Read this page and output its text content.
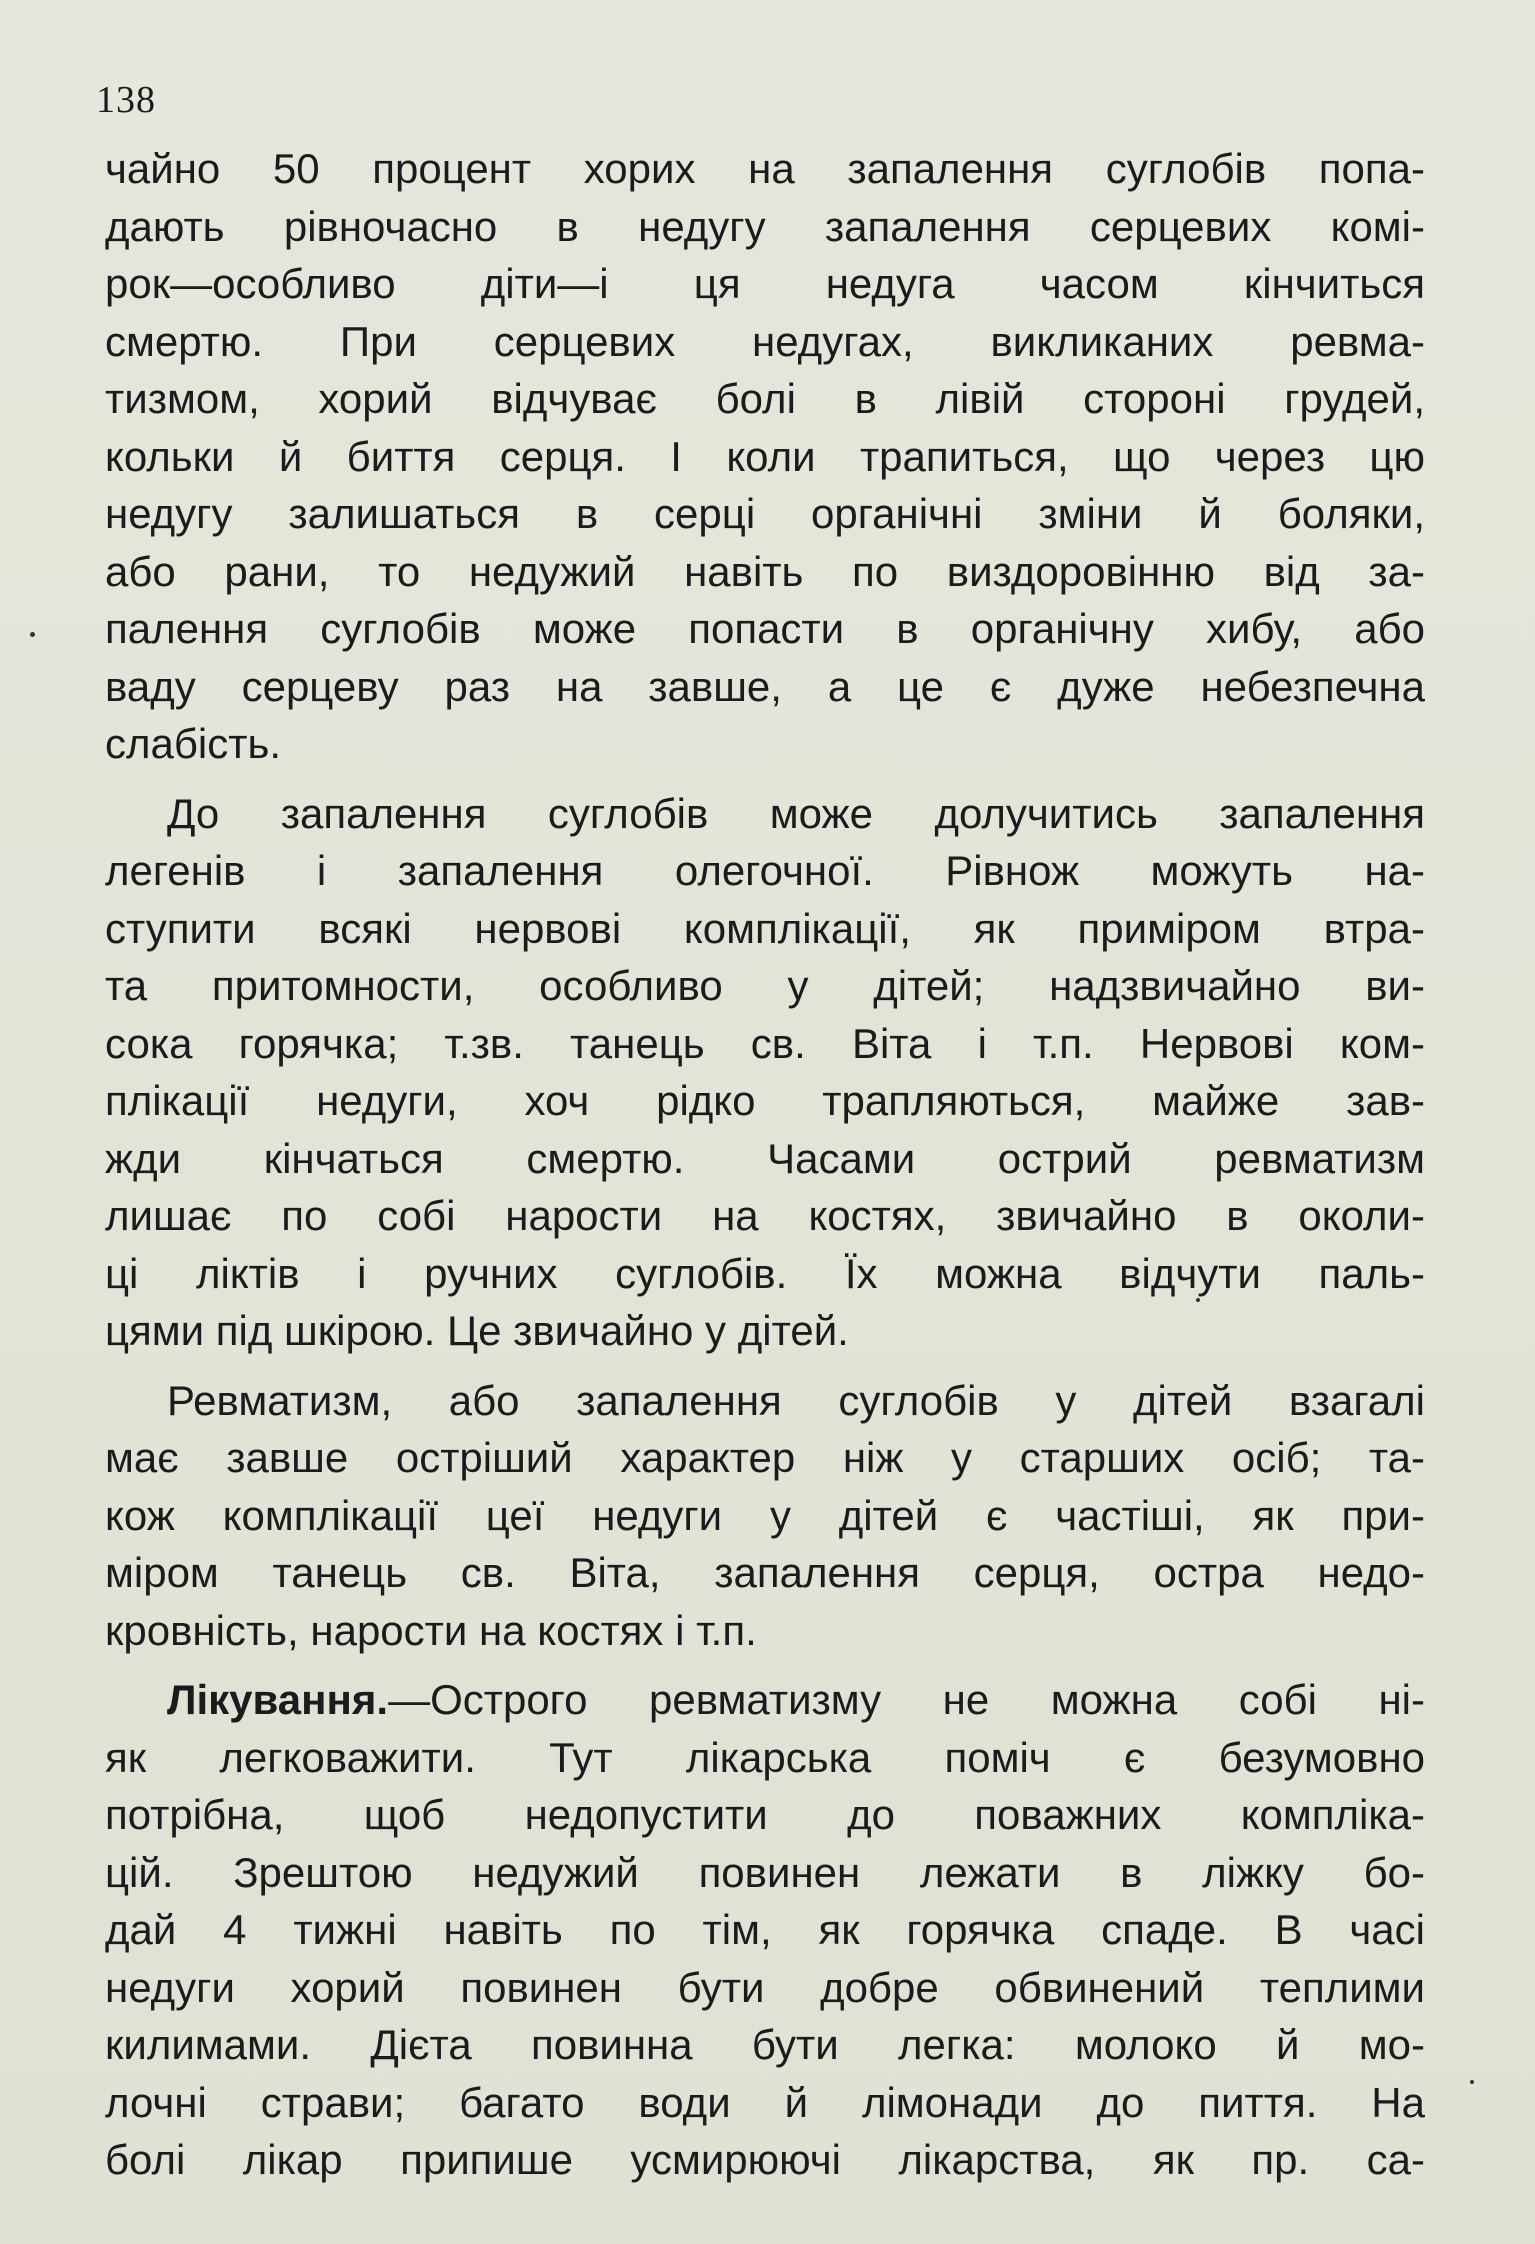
138
чайно 50 процент хорих на запалення суглобів попа-
дають рівночасно в недугу запалення серцевих комі-
рок—особливо діти—і ця недуга часом кінчиться
смертю. При серцевих недугах, викликаних ревма-
тизмом, хорий відчуває болі в лівій стороні грудей,
кольки й биття серця. І коли трапиться, що через цю
недугу залишаться в серці органічні зміни й боляки,
або рани, то недужий навіть по виздоровінню від за-
палення суглобів може попасти в органічну хибу, або
ваду серцеву раз на завше, а це є дуже небезпечна
слабість.
До запалення суглобів може долучитись запалення
легенів і запалення олегочної. Рівнож можуть на-
ступити всякі нервові комплікації, як приміром втра-
та притомности, особливо у дітей; надзвичайно ви-
сока горячка; т.зв. танець св. Віта і т.п. Нервові ком-
плікації недуги, хоч рідко трапляються, майже зав-
жди кінчаться смертю. Часами острий ревматизм
лишає по собі нарости на костях, звичайно в околи-
ці ліктів і ручних суглобів. Їх можна відчути паль-
цями під шкірою. Це звичайно у дітей.
Ревматизм, або запалення суглобів у дітей взагалі
має завше остріший характер ніж у старших осіб; та-
кож комплікації цеї недуги у дітей є частіші, як при-
міром танець св. Віта, запалення серця, остра недо-
кровність, нарости на костях і т.п.
Лікування.—Острого ревматизму не можна собі ні-
як легковажити. Тут лікарська поміч є безумовно
потрібна, щоб недопустити до поважних компліка-
цій. Зрештою недужий повинен лежати в ліжку бо-
дай 4 тижні навіть по тім, як горячка спаде. В часі
недуги хорий повинен бути добре обвинений теплими
килимами. Дієта повинна бути легка: молоко й мо-
лочні страви; багато води й лімонади до пиття. На
болі лікар припише усмирюючі лікарства, як пр. са-
